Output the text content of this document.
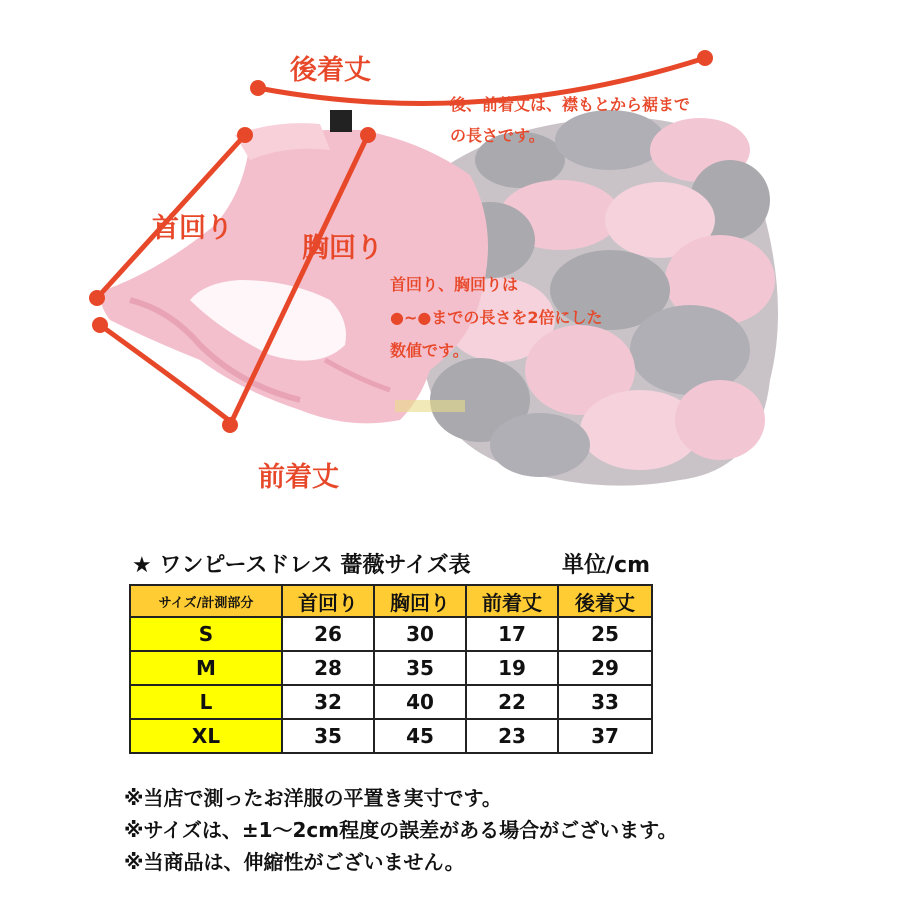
後着丈
後、前着丈は、襟もとから裾まで
の長さです。
首回り
胸回り
首回り、胸回りは
●~●までの長さを2倍にした
数値です。
前着丈
★ ワンピースドレス 薔薇サイズ表	単位/cm
サイズ/計測部分	首回り	胸回り	前着丈	後着丈
S	26	30	17	25
M	28	35	19	29
L	32	40	22	33
XL	35	45	23	37
※当店で測ったお洋服の平置き実寸です。
※サイズは、±1～2cm程度の誤差がある場合がございます。
※当商品は、伸縮性がございません。
